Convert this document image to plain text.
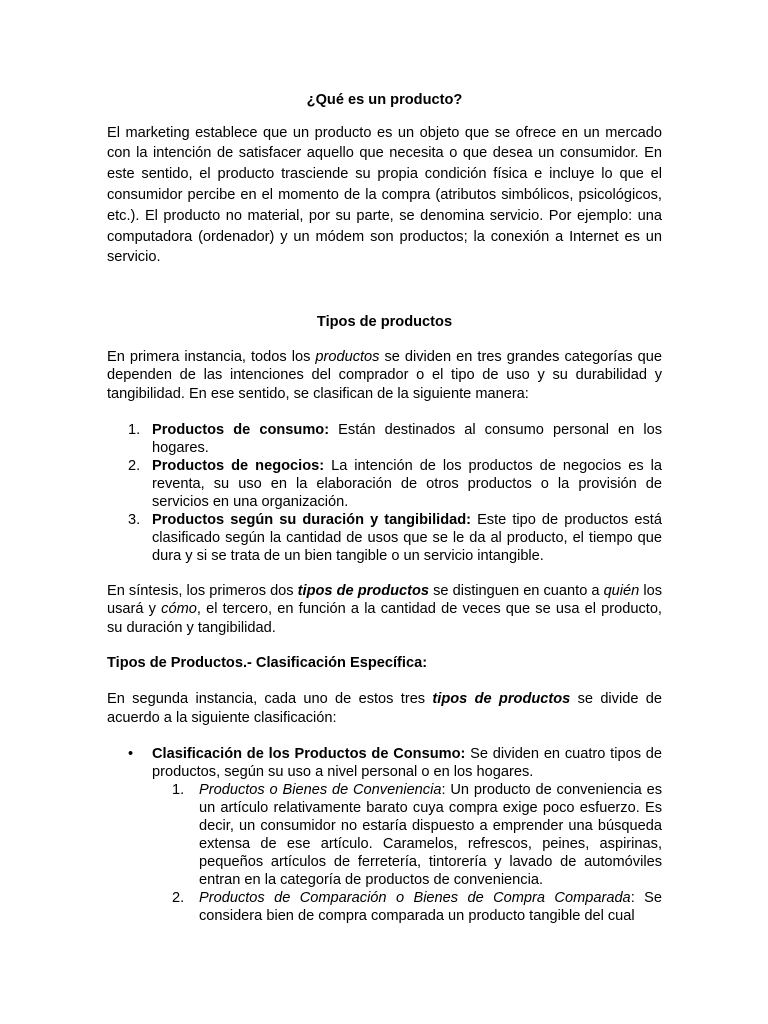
¿Qué es un producto?

El marketing establece que un producto es un objeto que se ofrece en un mercado con la intención de satisfacer aquello que necesita o que desea un consumidor. En este sentido, el producto trasciende su propia condición física e incluye lo que el consumidor percibe en el momento de la compra (atributos simbólicos, psicológicos, etc.). El producto no material, por su parte, se denomina servicio. Por ejemplo: una computadora (ordenador) y un módem son productos; la conexión a Internet es un servicio.

Tipos de productos

En primera instancia, todos los productos se dividen en tres grandes categorías que dependen de las intenciones del comprador o el tipo de uso y su durabilidad y tangibilidad. En ese sentido, se clasifican de la siguiente manera:

1. Productos de consumo: Están destinados al consumo personal en los hogares.
2. Productos de negocios: La intención de los productos de negocios es la reventa, su uso en la elaboración de otros productos o la provisión de servicios en una organización.
3. Productos según su duración y tangibilidad: Este tipo de productos está clasificado según la cantidad de usos que se le da al producto, el tiempo que dura y si se trata de un bien tangible o un servicio intangible.

En síntesis, los primeros dos tipos de productos se distinguen en cuanto a quién los usará y cómo, el tercero, en función a la cantidad de veces que se usa el producto, su duración y tangibilidad.

Tipos de Productos.- Clasificación Específica:

En segunda instancia, cada uno de estos tres tipos de productos se divide de acuerdo a la siguiente clasificación:

• Clasificación de los Productos de Consumo: Se dividen en cuatro tipos de productos, según su uso a nivel personal o en los hogares.
1. Productos o Bienes de Conveniencia: Un producto de conveniencia es un artículo relativamente barato cuya compra exige poco esfuerzo. Es decir, un consumidor no estaría dispuesto a emprender una búsqueda extensa de ese artículo. Caramelos, refrescos, peines, aspirinas, pequeños artículos de ferretería, tintorería y lavado de automóviles entran en la categoría de productos de conveniencia.
2. Productos de Comparación o Bienes de Compra Comparada: Se considera bien de compra comparada un producto tangible del cual
